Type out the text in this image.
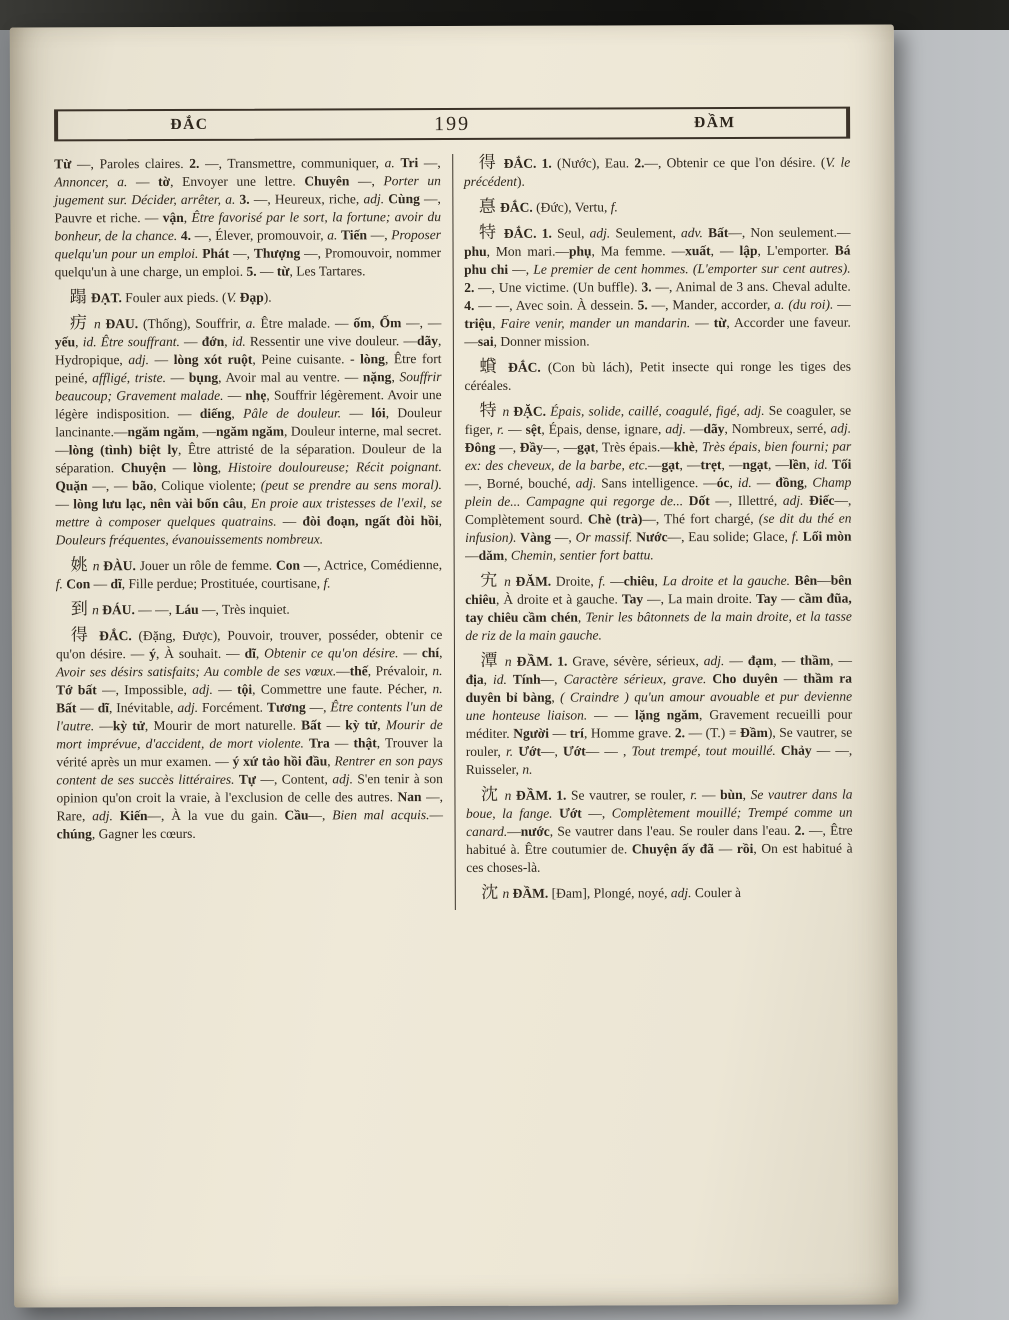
ĐẮC	199	ĐẦM

Từ —, Paroles claires. 2. —, Transmettre, communiquer, a. Tri —, Annoncer, a. — tờ, Envoyer une lettre. Chuyên —, Porter un jugement sur. Décider, arrêter, a. 3. —, Heureux, riche, adj. Cùng —, Pauvre et riche. — vận, Être favorisé par le sort, la fortune; avoir du bonheur, de la chance. 4. —, Élever, promouvoir, a. Tiến —, Proposer quelqu'un pour un emploi. Phát —, Thượng —, Promouvoir, nommer quelqu'un à une charge, un emploi. 5. — từ, Les Tartares.

蹋 ĐẠT. Fouler aux pieds. (V. Đạp).

疠 n ĐAU. (Thống), Souffrir, a. Être malade. — ốm, Ốm —, — yếu, id. Être souffrant. — đớn, id. Ressentir une vive douleur. —dãy, Hydropique, adj. — lòng xót ruột, Peine cuisante. - lòng, Être fort peiné, affligé, triste. — bụng, Avoir mal au ventre. — nặng, Souffrir beaucoup; Gravement malade. — nhẹ, Souffrir légèrement. Avoir une légère indisposition. — diếng, Pâle de douleur. — lói, Douleur lancinante.—ngăm ngăm, —ngăm ngăm, Douleur interne, mal secret.—lòng (tình) biệt ly, Être attristé de la séparation. Douleur de la séparation. Chuyện — lòng, Histoire douloureuse; Récit poignant. Quặn —, — bão, Colique violente; (peut se prendre au sens moral). — lòng lưu lạc, nên vài bốn câu, En proie aux tristesses de l'exil, se mettre à composer quelques quatrains. — đòi đoạn, ngất đòi hồi, Douleurs fréquentes, évanouissements nombreux.

姚 n ĐÀU. Jouer un rôle de femme. Con —, Actrice, Comédienne, f. Con — dĩ, Fille perdue; Prostituée, courtisane, f.

到 n ĐÁU. — —, Láu —, Très inquiet.

得 ĐẮC. (Đặng, Được), Pouvoir, trouver, posséder, obtenir ce qu'on désire. — ý, À souhait. — dĩ, Obtenir ce qu'on désire. — chí, Avoir ses désirs satisfaits; Au comble de ses vœux.—thế, Prévaloir, n. Tớ bất —, Impossible, adj. — tội, Commettre une faute. Pécher, n. Bất — dĩ, Inévitable, adj. Forcément. Tương —, Être contents l'un de l'autre. —kỳ tử, Mourir de mort naturelle. Bất — kỳ tử, Mourir de mort imprévue, d'accident, de mort violente. Tra — thật, Trouver la vérité après un mur examen. — ý xứ tảo hồi đầu, Rentrer en son pays content de ses succès littéraires. Tự —, Content, adj. S'en tenir à son opinion qu'on croit la vraie, à l'exclusion de celle des autres. Nan —, Rare, adj. Kiến—, À la vue du gain. Cầu—, Bien mal acquis.—chúng, Gagner les cœurs.

得 ĐẮC. 1. (Nước), Eau. 2.—, Obtenir ce que l'on désire. (V. le précédent).

惪 ĐẮC. (Đức), Vertu, f.

特 ĐẮC. 1. Seul, adj. Seulement, adv. Bất—, Non seulement.—phu, Mon mari.—phụ, Ma femme. —xuất, — lập, L'emporter. Bá phu chi —, Le premier de cent hommes. (L'emporter sur cent autres). 2. —, Une victime. (Un buffle). 3. —, Animal de 3 ans. Cheval adulte. 4. — —, Avec soin. À dessein. 5. —, Mander, accorder, a. (du roi). —triệu, Faire venir, mander un mandarin. — từ, Accorder une faveur. —sai, Donner mission.

蟘 ĐẮC. (Con bù lách), Petit insecte qui ronge les tiges des céréales.

特 n ĐẶC. Épais, solide, caillé, coagulé, figé, adj. Se coaguler, se figer, r. — sệt, Épais, dense, ignare, adj. —dãy, Nombreux, serré, adj. Đông —, Đầy—, —gạt, Très épais.—khè, Très épais, bien fourni; par ex: des cheveux, de la barbe, etc.—gạt, —trẹt, —ngạt, —lền, id. Tối—, Borné, bouché, adj. Sans intelligence. —óc, id. — đồng, Champ plein de... Campagne qui regorge de... Dốt —, Illettré, adj. Điếc—, Complètement sourd. Chè (trà)—, Thé fort chargé, (se dit du thé en infusion). Vàng —, Or massif. Nước—, Eau solide; Glace, f. Lối mòn—dăm, Chemin, sentier fort battu.

宄 n ĐĂM. Droite, f. —chiêu, La droite et la gauche. Bên—bên chiêu, À droite et à gauche. Tay —, La main droite. Tay — cầm đũa, tay chiêu cầm chén, Tenir les bâtonnets de la main droite, et la tasse de riz de la main gauche.

潭 n ĐẦM. 1. Grave, sévère, sérieux, adj. — đạm, — thầm, —địa, id. Tính—, Caractère sérieux, grave. Cho duyên — thầm ra duyên bỉ bàng, ( Craindre ) qu'un amour avouable et pur devienne une honteuse liaison. — — lặng ngăm, Gravement recueilli pour méditer. Người — trí, Homme grave. 2. — (T.) = Đầm), Se vautrer, se rouler, r. Ướt—, Ướt— — , Tout trempé, tout mouillé. Chảy — —, Ruisseler, n.

沈 n ĐẦM. 1. Se vautrer, se rouler, r. — bùn, Se vautrer dans la boue, la fange. Ướt —, Complètement mouillé; Trempé comme un canard.—nước, Se vautrer dans l'eau. Se rouler dans l'eau. 2. —, Être habitué à. Être coutumier de. Chuyện ấy đã — rồi, On est habitué à ces choses-là.

沈 n ĐẦM. [Đam], Plongé, noyé, adj. Couler à
